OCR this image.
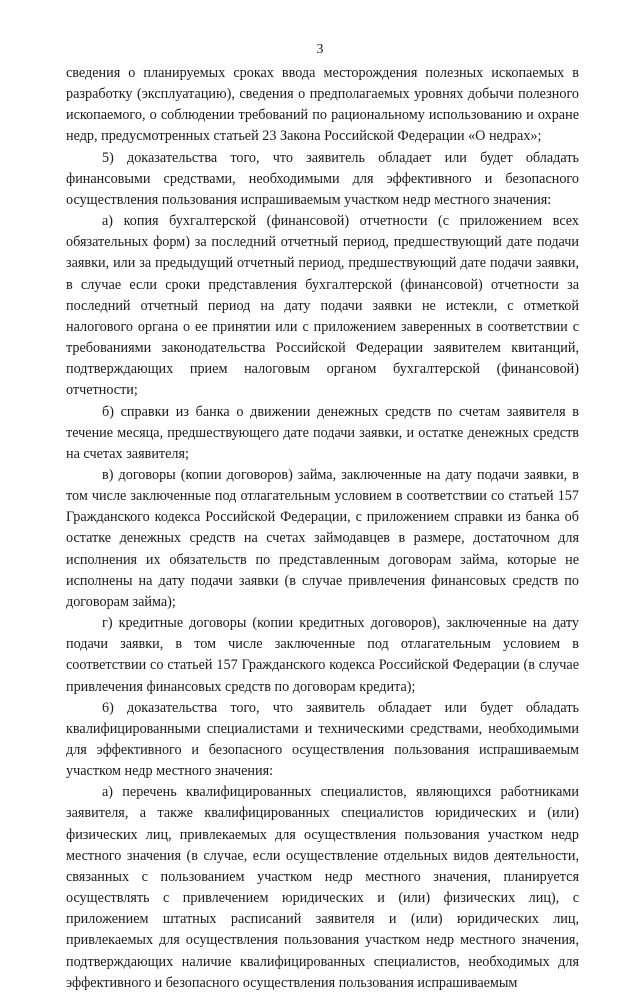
3

сведения о планируемых сроках ввода месторождения полезных ископаемых в разработку (эксплуатацию), сведения о предполагаемых уровнях добычи полезного ископаемого, о соблюдении требований по рациональному использованию и охране недр, предусмотренных статьей 23 Закона Российской Федерации «О недрах»;

5) доказательства того, что заявитель обладает или будет обладать финансовыми средствами, необходимыми для эффективного и безопасного осуществления пользования испрашиваемым участком недр местного значения:

а) копия бухгалтерской (финансовой) отчетности (с приложением всех обязательных форм) за последний отчетный период, предшествующий дате подачи заявки, или за предыдущий отчетный период, предшествующий дате подачи заявки, в случае если сроки представления бухгалтерской (финансовой) отчетности за последний отчетный период на дату подачи заявки не истекли, с отметкой налогового органа о ее принятии или с приложением заверенных в соответствии с требованиями законодательства Российской Федерации заявителем квитанций, подтверждающих прием налоговым органом бухгалтерской (финансовой) отчетности;

б) справки из банка о движении денежных средств по счетам заявителя в течение месяца, предшествующего дате подачи заявки, и остатке денежных средств на счетах заявителя;

в) договоры (копии договоров) займа, заключенные на дату подачи заявки, в том числе заключенные под отлагательным условием в соответствии со статьей 157 Гражданского кодекса Российской Федерации, с приложением справки из банка об остатке денежных средств на счетах займодавцев в размере, достаточном для исполнения их обязательств по представленным договорам займа, которые не исполнены на дату подачи заявки (в случае привлечения финансовых средств по договорам займа);

г) кредитные договоры (копии кредитных договоров), заключенные на дату подачи заявки, в том числе заключенные под отлагательным условием в соответствии со статьей 157 Гражданского кодекса Российской Федерации (в случае привлечения финансовых средств по договорам кредита);

6) доказательства того, что заявитель обладает или будет обладать квалифицированными специалистами и техническими средствами, необходимыми для эффективного и безопасного осуществления пользования испрашиваемым участком недр местного значения:

а) перечень квалифицированных специалистов, являющихся работниками заявителя, а также квалифицированных специалистов юридических и (или) физических лиц, привлекаемых для осуществления пользования участком недр местного значения (в случае, если осуществление отдельных видов деятельности, связанных с пользованием участком недр местного значения, планируется осуществлять с привлечением юридических и (или) физических лиц), с приложением штатных расписаний заявителя и (или) юридических лиц, привлекаемых для осуществления пользования участком недр местного значения, подтверждающих наличие квалифицированных специалистов, необходимых для эффективного и безопасного осуществления пользования испрашиваемым
